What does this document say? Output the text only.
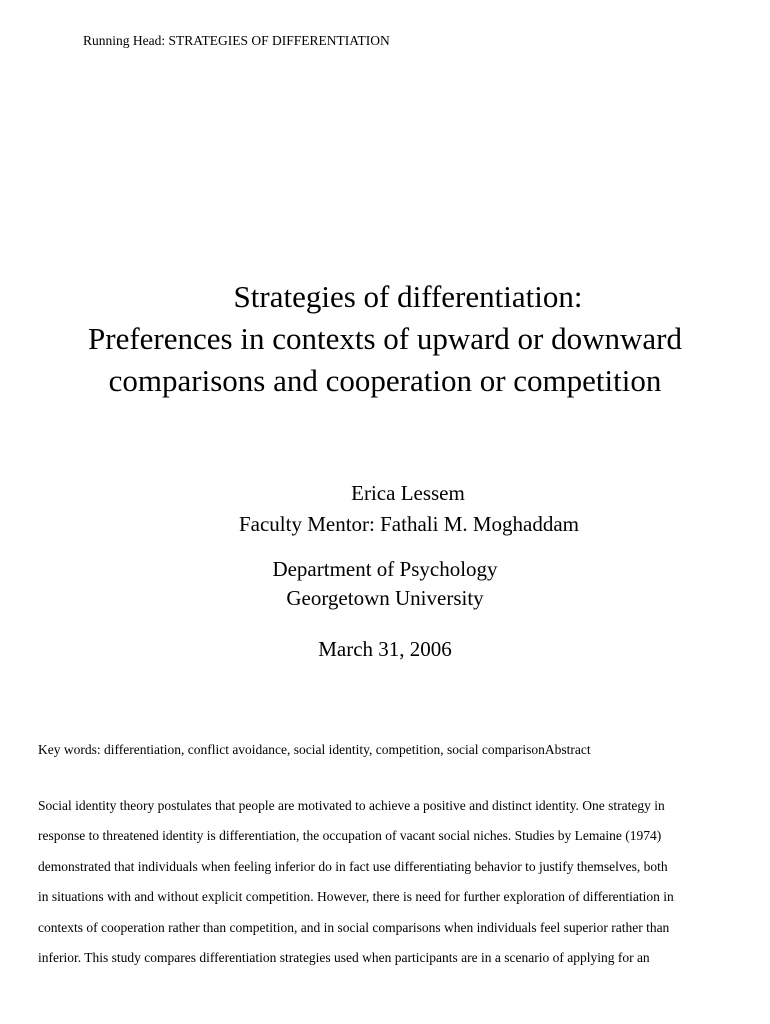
Running Head: STRATEGIES OF DIFFERENTIATION
Strategies of differentiation:
Preferences in contexts of upward or downward
comparisons and cooperation or competition
Erica Lessem
Faculty Mentor: Fathali M. Moghaddam
Department of Psychology
Georgetown University
March 31, 2006
Key words: differentiation, conflict avoidance, social identity, competition, social comparisonAbstract
Social identity theory postulates that people are motivated to achieve a positive and distinct identity. One strategy in
response to threatened identity is differentiation, the occupation of vacant social niches. Studies by Lemaine (1974)
demonstrated that individuals when feeling inferior do in fact use differentiating behavior to justify themselves, both
in situations with and without explicit competition. However, there is need for further exploration of differentiation in
contexts of cooperation rather than competition, and in social comparisons when individuals feel superior rather than
inferior. This study compares differentiation strategies used when participants are in a scenario of applying for an
